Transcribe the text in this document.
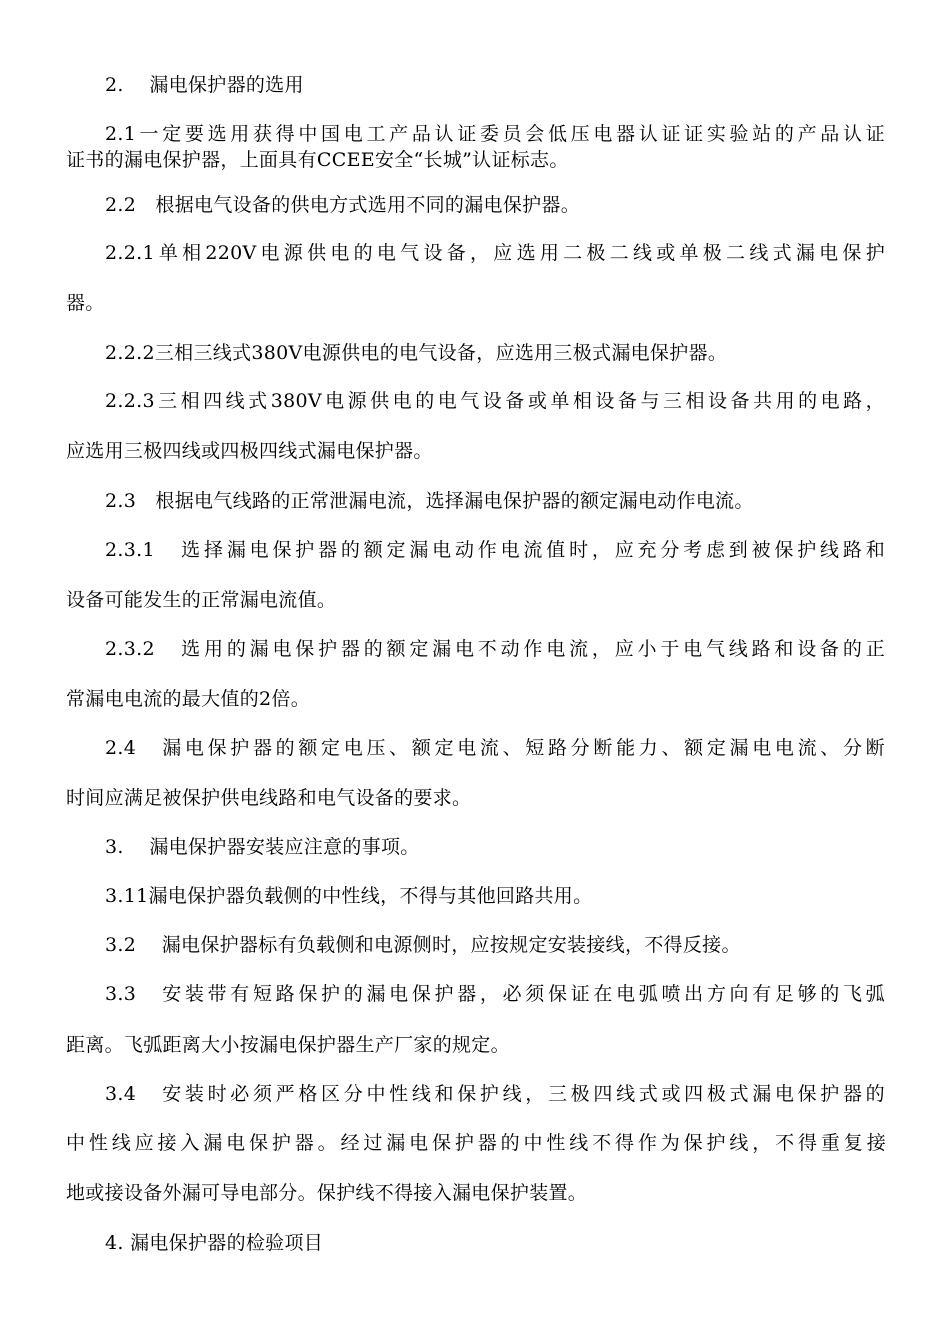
2.　 漏电保护器的选用
2.1一定要选用获得中国电工产品认证委员会低压电器认证证实验站的产品认证
证书的漏电保护器，上面具有CCEE安全“长城”认证标志。
2.2　根据电气设备的供电方式选用不同的漏电保护器。
2.2.1单相220V电源供电的电气设备，应选用二极二线或单极二线式漏电保护
器。
2.2.2三相三线式380V电源供电的电气设备，应选用三极式漏电保护器。
2.2.3三相四线式380V电源供电的电气设备或单相设备与三相设备共用的电路，
应选用三极四线或四极四线式漏电保护器。
2.3　根据电气线路的正常泄漏电流，选择漏电保护器的额定漏电动作电流。
2.3.1　选择漏电保护器的额定漏电动作电流值时，应充分考虑到被保护线路和
设备可能发生的正常漏电流值。
2.3.2　选用的漏电保护器的额定漏电不动作电流，应小于电气线路和设备的正
常漏电电流的最大值的2倍。
2.4　漏电保护器的额定电压、额定电流、短路分断能力、额定漏电电流、分断
时间应满足被保护供电线路和电气设备的要求。
3.　 漏电保护器安装应注意的事项。
3.11漏电保护器负载侧的中性线，不得与其他回路共用。
3.2　 漏电保护器标有负载侧和电源侧时，应按规定安装接线，不得反接。
3.3　安装带有短路保护的漏电保护器，必须保证在电弧喷出方向有足够的飞弧
距离。飞弧距离大小按漏电保护器生产厂家的规定。
3.4　安装时必须严格区分中性线和保护线，三极四线式或四极式漏电保护器的
中性线应接入漏电保护器。经过漏电保护器的中性线不得作为保护线，不得重复接
地或接设备外漏可导电部分。保护线不得接入漏电保护装置。
4. 漏电保护器的检验项目
